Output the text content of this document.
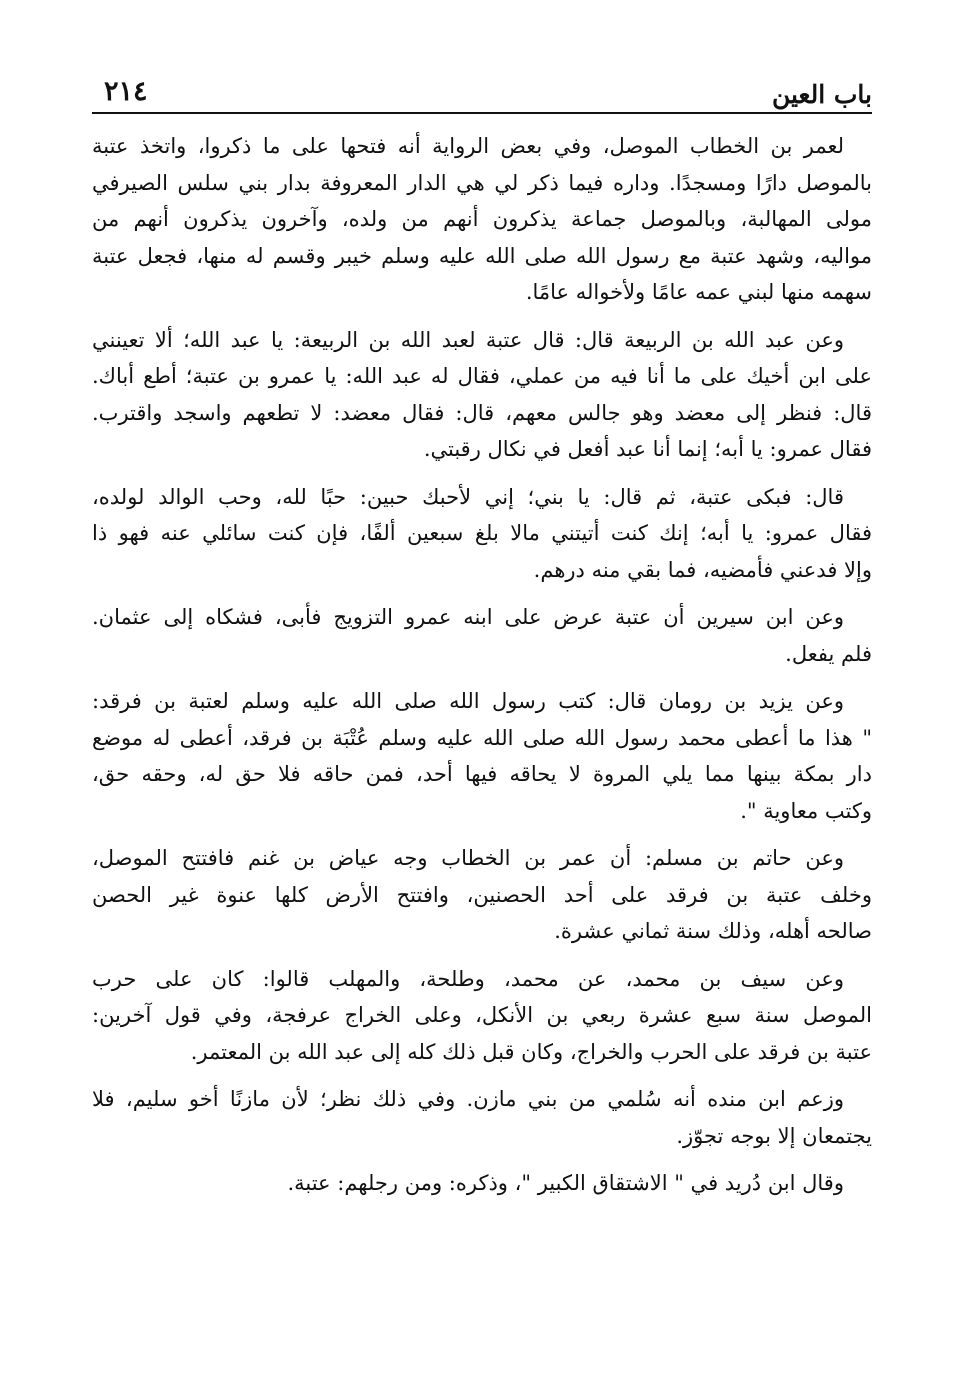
باب العين
٢١٤

لعمر بن الخطاب الموصل، وفي بعض الرواية أنه فتحها على ما ذكروا، واتخذ عتبة
بالموصل دارًا ومسجدًا. وداره فيما ذكر لي هي الدار المعروفة بدار بني سلس الصيرفي
مولى المهالبة، وبالموصل جماعة يذكرون أنهم من ولده، وآخرون يذكرون أنهم من
مواليه، وشهد عتبة مع رسول الله صلى الله عليه وسلم خيبر وقسم له منها، فجعل عتبة
سهمه منها لبني عمه عامًا ولأخواله عامًا.

وعن عبد الله بن الربيعة قال: قال عتبة لعبد الله بن الربيعة: يا عبد الله؛ ألا تعينني
على ابن أخيك على ما أنا فيه من عملي، فقال له عبد الله: يا عمرو بن عتبة؛ أطع أباك.
قال: فنظر إلى معضد وهو جالس معهم، قال: فقال معضد: لا تطعهم واسجد واقترب.
فقال عمرو: يا أبه؛ إنما أنا عبد أفعل في نكال رقبتي.

قال: فبكى عتبة، ثم قال: يا بني؛ إني لأحبك حبين: حبًا لله، وحب الوالد لولده،
فقال عمرو: يا أبه؛ إنك كنت أتيتني مالا بلغ سبعين ألفًا، فإن كنت سائلي عنه فهو ذا
وإلا فدعني فأمضيه، فما بقي منه درهم.

وعن ابن سيرين أن عتبة عرض على ابنه عمرو التزويج فأبى، فشكاه إلى عثمان.
فلم يفعل.

وعن يزيد بن رومان قال: كتب رسول الله صلى الله عليه وسلم لعتبة بن فرقد:
" هذا ما أعطى محمد رسول الله صلى الله عليه وسلم عُتْبَة بن فرقد، أعطى له موضع
دار بمكة بينها مما يلي المروة لا يحاقه فيها أحد، فمن حاقه فلا حق له، وحقه حق،
وكتب معاوية ".

وعن حاتم بن مسلم: أن عمر بن الخطاب وجه عياض بن غنم فافتتح الموصل،
وخلف عتبة بن فرقد على أحد الحصنين، وافتتح الأرض كلها عنوة غير الحصن
صالحه أهله، وذلك سنة ثماني عشرة.

وعن سيف بن محمد، عن محمد، وطلحة، والمهلب قالوا: كان على حرب
الموصل سنة سبع عشرة ربعي بن الأنكل، وعلى الخراج عرفجة، وفي قول آخرين:
عتبة بن فرقد على الحرب والخراج، وكان قبل ذلك كله إلى عبد الله بن المعتمر.

وزعم ابن منده أنه سُلمي من بني مازن. وفي ذلك نظر؛ لأن مازنًا أخو سليم، فلا
يجتمعان إلا بوجه تجوّز.

وقال ابن دُريد في " الاشتقاق الكبير "، وذكره: ومن رجلهم: عتبة.
